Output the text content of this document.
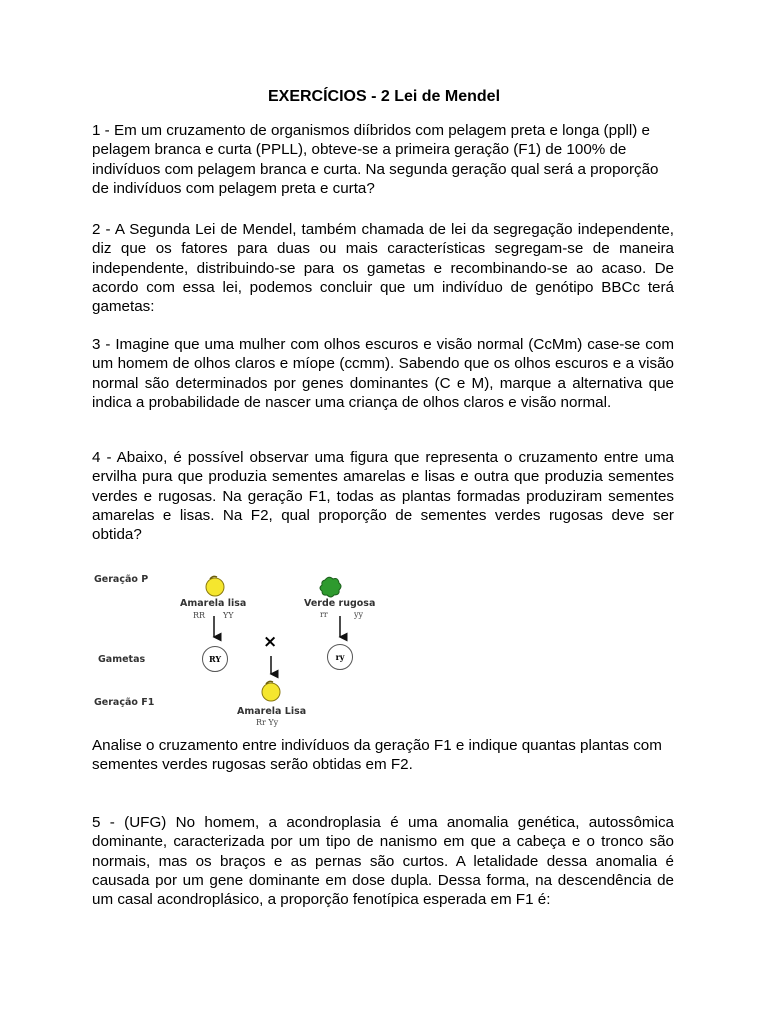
EXERCÍCIOS - 2 Lei de Mendel

1 - Em um cruzamento de organismos diíbridos com pelagem preta e longa (ppll) e pelagem branca e curta (PPLL), obteve-se a primeira geração (F1) de 100% de indivíduos com pelagem branca e curta. Na segunda geração qual será a proporção de indivíduos com pelagem preta e curta?

2 - A Segunda Lei de Mendel, também chamada de lei da segregação independente, diz que os fatores para duas ou mais características segregam-se de maneira independente, distribuindo-se para os gametas e recombinando-se ao acaso. De acordo com essa lei, podemos concluir que um indivíduo de genótipo BBCc terá gametas:

3 - Imagine que uma mulher com olhos escuros e visão normal (CcMm) case-se com um homem de olhos claros e míope (ccmm). Sabendo que os olhos escuros e a visão normal são determinados por genes dominantes (C e M), marque a alternativa que indica a probabilidade de nascer uma criança de olhos claros e visão normal.

4 - Abaixo, é possível observar uma figura que representa o cruzamento entre uma ervilha pura que produzia sementes amarelas e lisas e outra que produzia sementes verdes e rugosas. Na geração F1, todas as plantas formadas produziram sementes amarelas e lisas. Na F2, qual proporção de sementes verdes rugosas deve ser obtida?

Geração P
Gametas
Geração F1
Amarela lisa
RR YY
Verde rugosa
rr	yy
RY	ry
×
Amarela Lisa
Rr Yy

Analise o cruzamento entre indivíduos da geração F1 e indique quantas plantas com sementes verdes rugosas serão obtidas em F2.

5 - (UFG) No homem, a acondroplasia é uma anomalia genética, autossômica dominante, caracterizada por um tipo de nanismo em que a cabeça e o tronco são normais, mas os braços e as pernas são curtos. A letalidade dessa anomalia é causada por um gene dominante em dose dupla. Dessa forma, na descendência de um casal acondroplásico, a proporção fenotípica esperada em F1 é:
